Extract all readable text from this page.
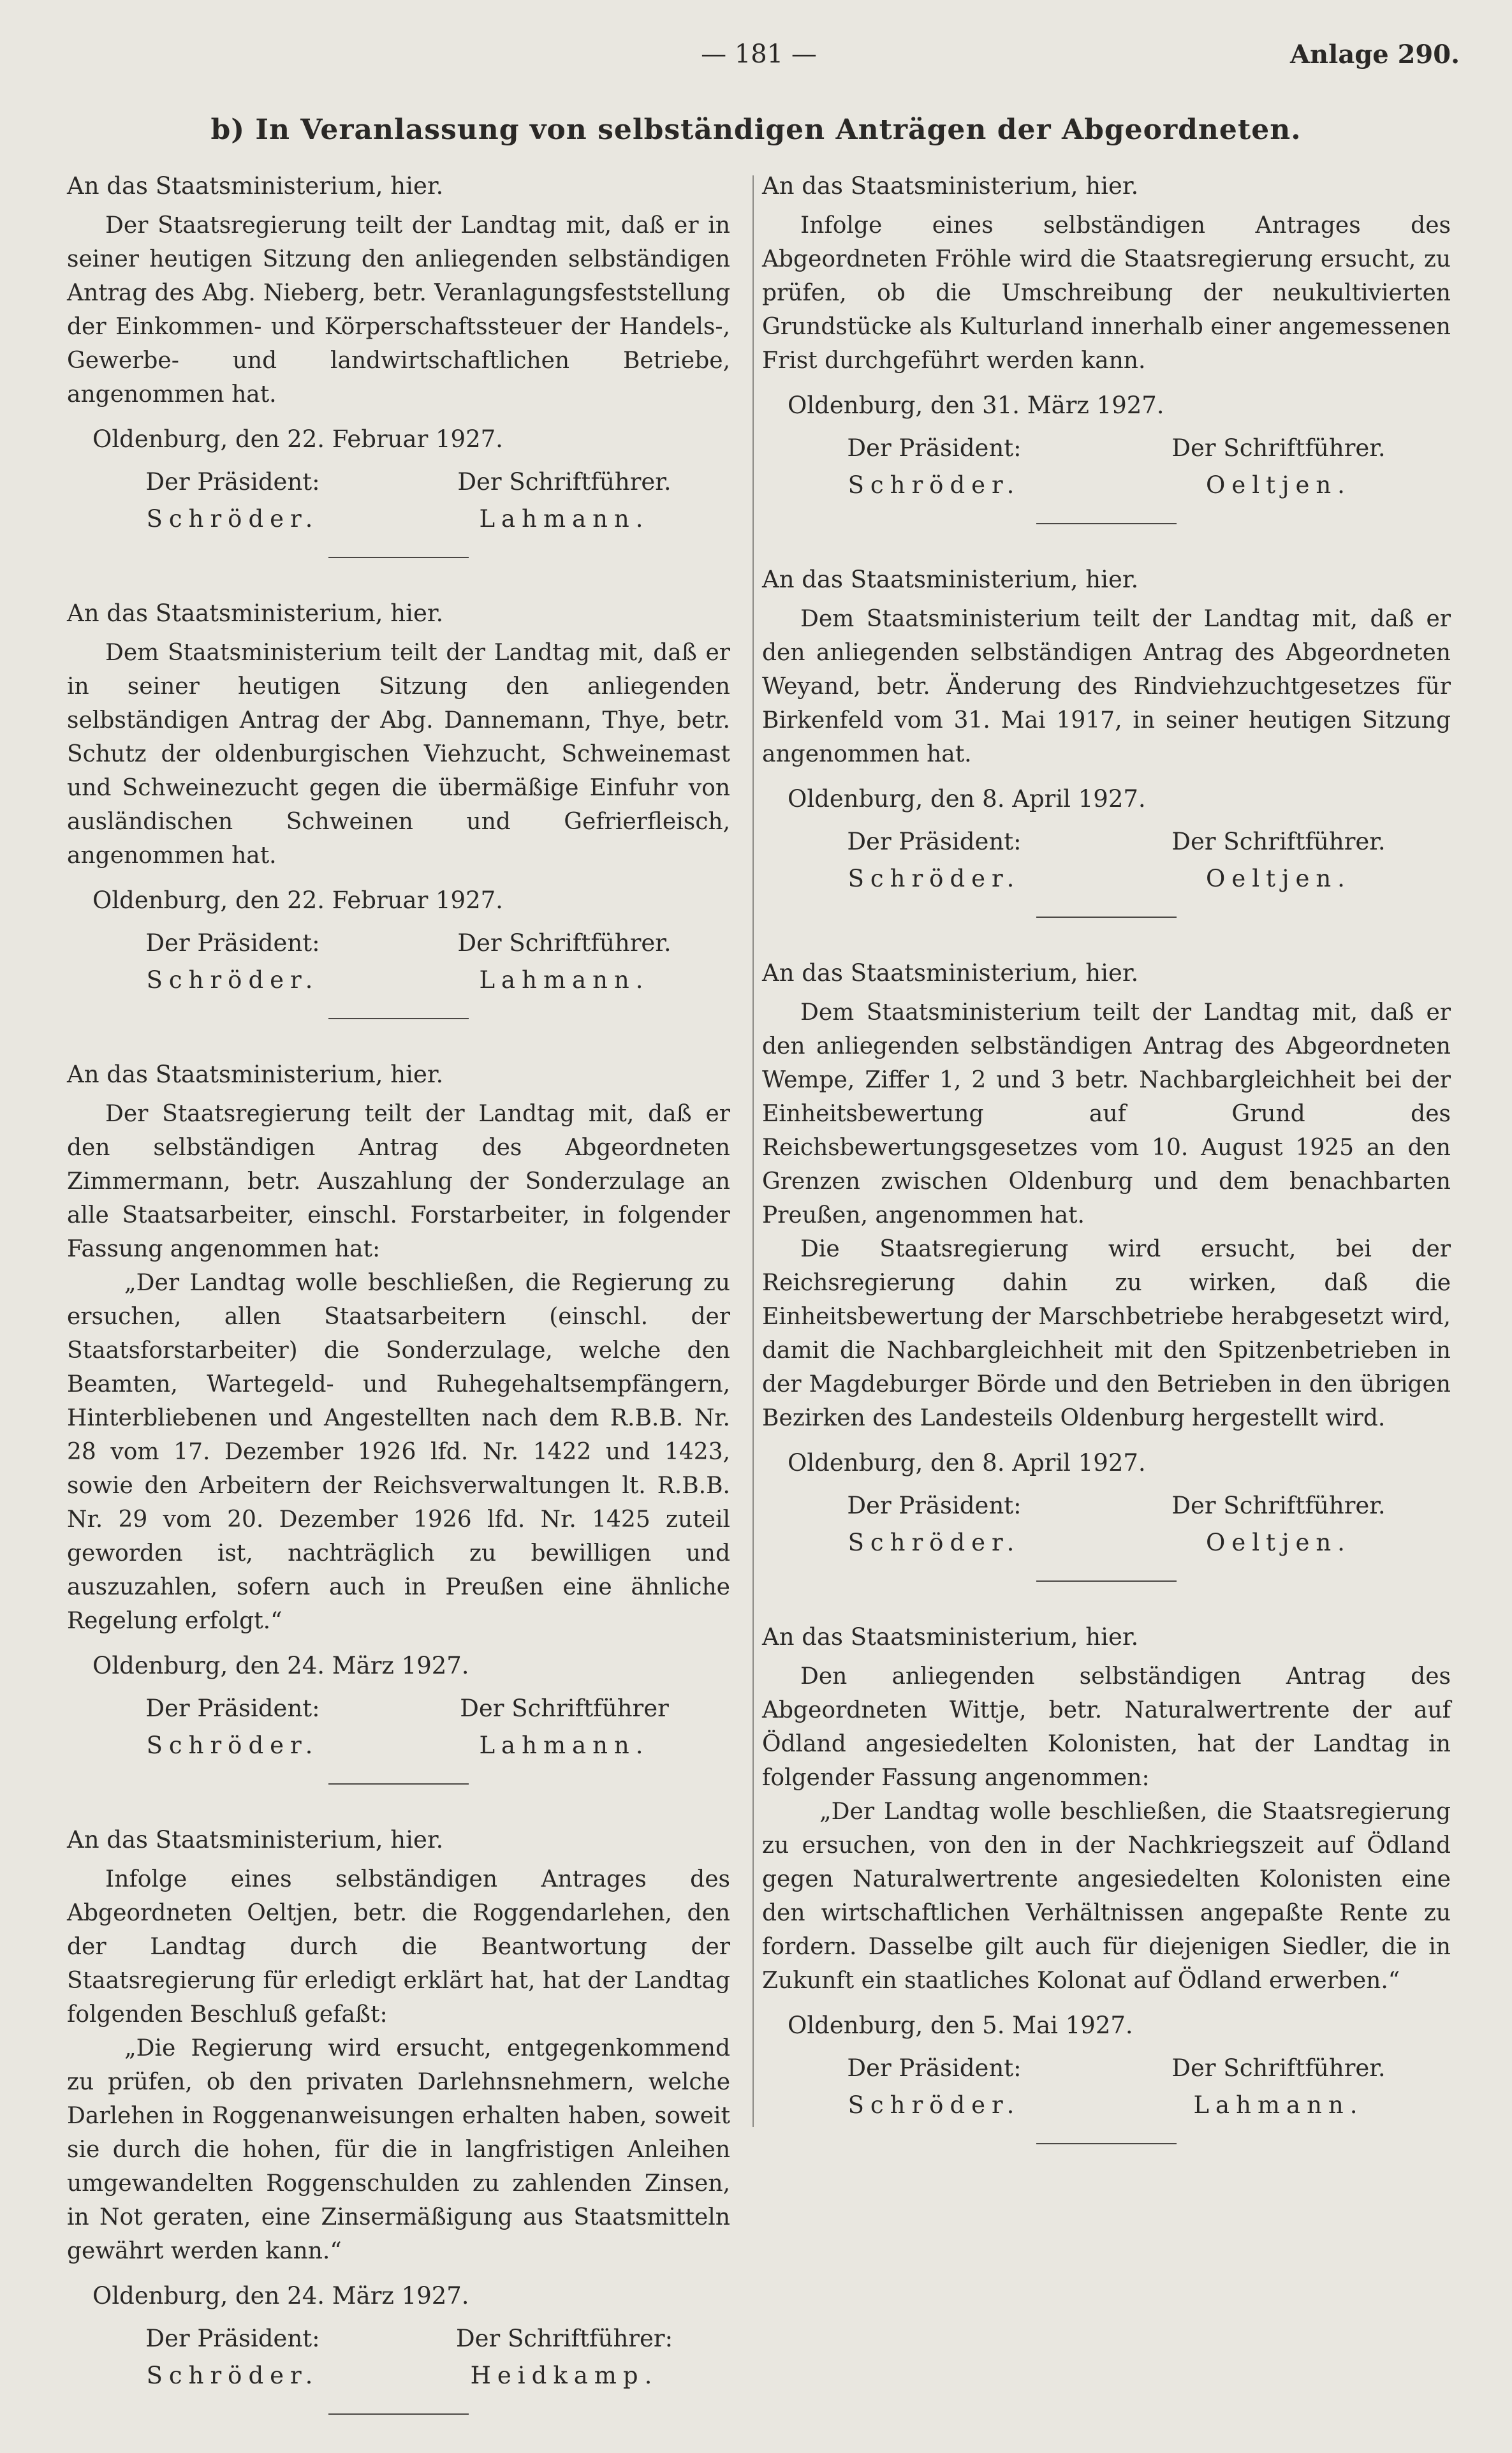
— 181 —	Anlage 290.
b) In Veranlassung von selbständigen Anträgen der Abgeordneten.

An das Staatsministerium, hier.

Der Staatsregierung teilt der Landtag mit, daß er in seiner heutigen Sitzung den anliegenden selbständigen Antrag des Abg. Nieberg, betr. Veranlagungsfeststellung der Einkommen- und Körperschaftssteuer der Handels-, Gewerbe- und landwirtschaftlichen Betriebe, angenommen hat.

Oldenburg, den 22. Februar 1927.
Der Präsident:	Der Schriftführer.
Schröder.	Lahmann.

An das Staatsministerium, hier.

Dem Staatsministerium teilt der Landtag mit, daß er in seiner heutigen Sitzung den anliegenden selbständigen Antrag der Abg. Dannemann, Thye, betr. Schutz der oldenburgischen Viehzucht, Schweinemast und Schweinezucht gegen die übermäßige Einfuhr von ausländischen Schweinen und Gefrierfleisch, angenommen hat.

Oldenburg, den 22. Februar 1927.
Der Präsident:	Der Schriftführer.
Schröder.	Lahmann.

An das Staatsministerium, hier.

Der Staatsregierung teilt der Landtag mit, daß er den selbständigen Antrag des Abgeordneten Zimmermann, betr. Auszahlung der Sonderzulage an alle Staatsarbeiter, einschl. Forstarbeiter, in folgender Fassung angenommen hat:

„Der Landtag wolle beschließen, die Regierung zu ersuchen, allen Staatsarbeitern (einschl. der Staatsforstarbeiter) die Sonderzulage, welche den Beamten, Wartegeld- und Ruhegehaltsempfängern, Hinterbliebenen und Angestellten nach dem R.B.B. Nr. 28 vom 17. Dezember 1926 lfd. Nr. 1422 und 1423, sowie den Arbeitern der Reichsverwaltungen lt. R.B.B. Nr. 29 vom 20. Dezember 1926 lfd. Nr. 1425 zuteil geworden ist, nachträglich zu bewilligen und auszuzahlen, sofern auch in Preußen eine ähnliche Regelung erfolgt.“

Oldenburg, den 24. März 1927.
Der Präsident:	Der Schriftführer
Schröder.	Lahmann.

An das Staatsministerium, hier.

Infolge eines selbständigen Antrages des Abgeordneten Oeltjen, betr. die Roggendarlehen, den der Landtag durch die Beantwortung der Staatsregierung für erledigt erklärt hat, hat der Landtag folgenden Beschluß gefaßt:

„Die Regierung wird ersucht, entgegenkommend zu prüfen, ob den privaten Darlehnsnehmern, welche Darlehen in Roggenanweisungen erhalten haben, soweit sie durch die hohen, für die in langfristigen Anleihen umgewandelten Roggenschulden zu zahlenden Zinsen, in Not geraten, eine Zinsermäßigung aus Staatsmitteln gewährt werden kann.“

Oldenburg, den 24. März 1927.
Der Präsident:	Der Schriftführer:
Schröder.	Heidkamp.

An das Staatsministerium, hier.

Infolge eines selbständigen Antrages des Abgeordneten Fröhle wird die Staatsregierung ersucht, zu prüfen, ob die Umschreibung der neukultivierten Grundstücke als Kulturland innerhalb einer angemessenen Frist durchgeführt werden kann.

Oldenburg, den 31. März 1927.
Der Präsident:	Der Schriftführer.
Schröder.	Oeltjen.

An das Staatsministerium, hier.

Dem Staatsministerium teilt der Landtag mit, daß er den anliegenden selbständigen Antrag des Abgeordneten Weyand, betr. Änderung des Rindviehzuchtgesetzes für Birkenfeld vom 31. Mai 1917, in seiner heutigen Sitzung angenommen hat.

Oldenburg, den 8. April 1927.
Der Präsident:	Der Schriftführer.
Schröder.	Oeltjen.

An das Staatsministerium, hier.

Dem Staatsministerium teilt der Landtag mit, daß er den anliegenden selbständigen Antrag des Abgeordneten Wempe, Ziffer 1, 2 und 3 betr. Nachbargleichheit bei der Einheitsbewertung auf Grund des Reichsbewertungsgesetzes vom 10. August 1925 an den Grenzen zwischen Oldenburg und dem benachbarten Preußen, angenommen hat.

Die Staatsregierung wird ersucht, bei der Reichsregierung dahin zu wirken, daß die Einheitsbewertung der Marschbetriebe herabgesetzt wird, damit die Nachbargleichheit mit den Spitzenbetrieben in der Magdeburger Börde und den Betrieben in den übrigen Bezirken des Landesteils Oldenburg hergestellt wird.

Oldenburg, den 8. April 1927.
Der Präsident:	Der Schriftführer.
Schröder.	Oeltjen.

An das Staatsministerium, hier.

Den anliegenden selbständigen Antrag des Abgeordneten Wittje, betr. Naturalwertrente der auf Ödland angesiedelten Kolonisten, hat der Landtag in folgender Fassung angenommen:

„Der Landtag wolle beschließen, die Staatsregierung zu ersuchen, von den in der Nachkriegszeit auf Ödland gegen Naturalwertrente angesiedelten Kolonisten eine den wirtschaftlichen Verhältnissen angepaßte Rente zu fordern. Dasselbe gilt auch für diejenigen Siedler, die in Zukunft ein staatliches Kolonat auf Ödland erwerben.“

Oldenburg, den 5. Mai 1927.
Der Präsident:	Der Schriftführer.
Schröder.	Lahmann.
